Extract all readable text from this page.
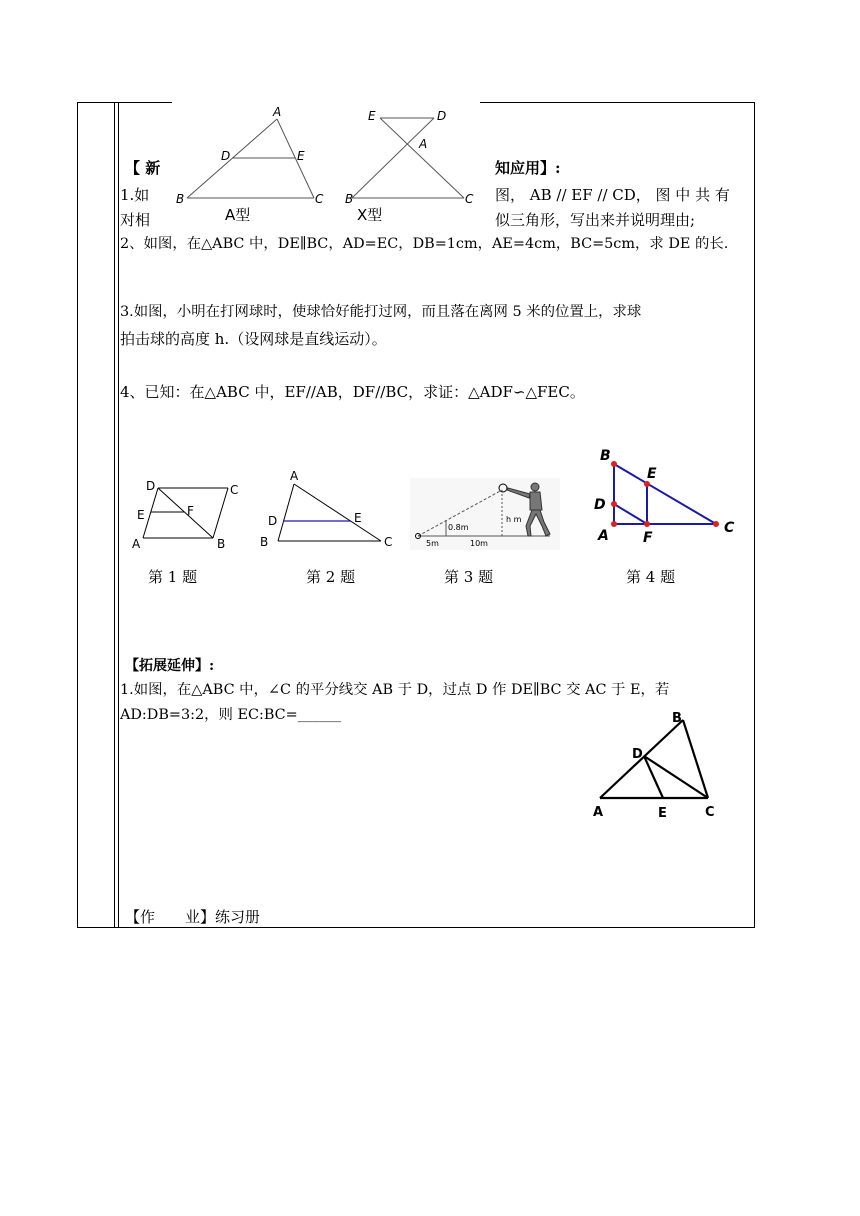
A
D	E
B	C
E	D
A
B	C
A型	X型
【 新	知应用】:
1.如	图， AB // EF // CD， 图 中 共 有
对相	似三角形，写出来并说明理由;
2、如图，在△ABC 中，DE∥BC，AD=EC，DB=1cm，AE=4cm，BC=5cm，求 DE 的长.
3.如图，小明在打网球时，使球恰好能打过网，而且落在离网 5 米的位置上，求球
拍击球的高度 h.（设网球是直线运动）。
4、已知：在△ABC 中，EF//AB，DF//BC，求证：△ADF∽△FEC。
D	C
E	F
A	B
A
D	E
B	C
0.8m
h m
5m	10m
B
E
D
A F
C
第 1 题	第 2 题	第 3 题	第 4 题
【拓展延伸】:
1.如图，在△ABC 中，∠C 的平分线交 AB 于 D，过点 D 作 DE∥BC 交 AC 于 E，若
AD:DB=3:2，则 EC:BC=______	B
D
A	E	C
【作　　业】练习册
